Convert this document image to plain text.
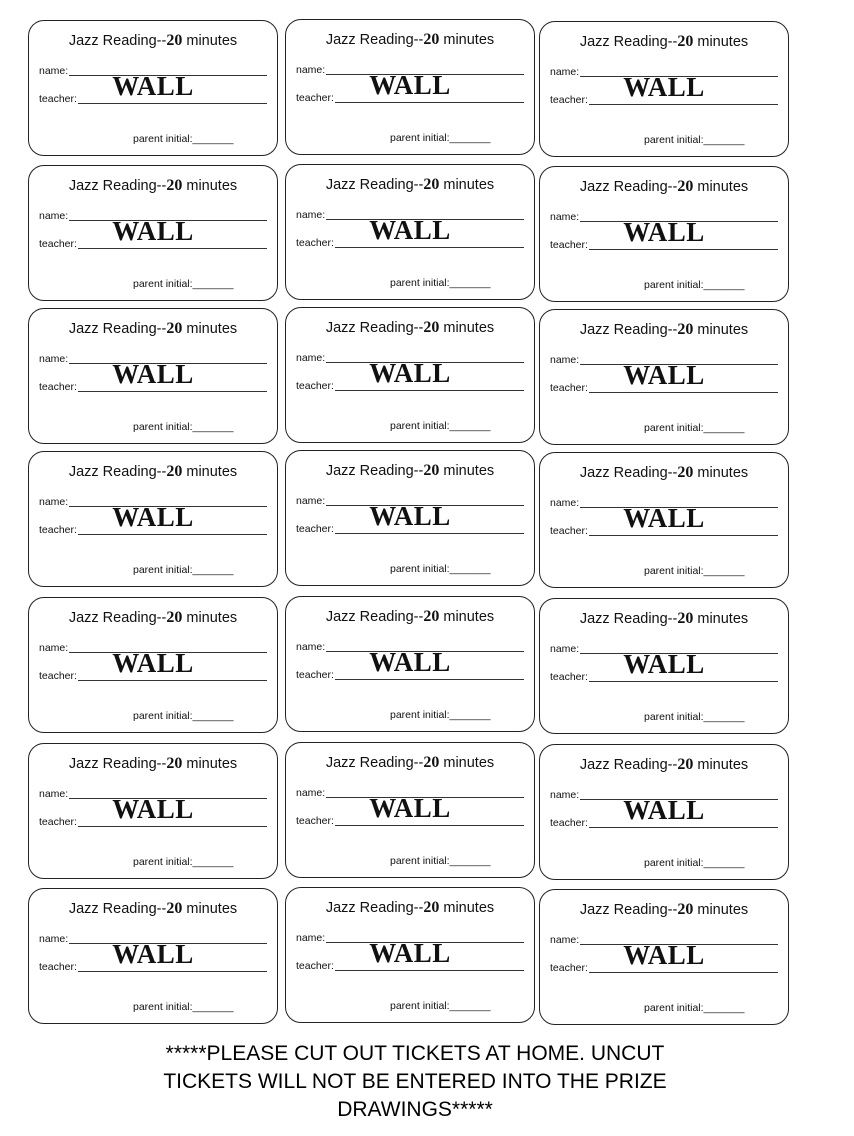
Jazz Reading--20 minutes
name:
teacher:	WALL
parent initial:_______
Jazz Reading--20 minutes
name:
teacher:	WALL
parent initial:_______
Jazz Reading--20 minutes
name:
teacher:	WALL
parent initial:_______
Jazz Reading--20 minutes
name:
teacher:	WALL
parent initial:_______
Jazz Reading--20 minutes
name:
teacher:	WALL
parent initial:_______
Jazz Reading--20 minutes
name:
teacher:	WALL
parent initial:_______
Jazz Reading--20 minutes
name:
teacher:	WALL
parent initial:_______
Jazz Reading--20 minutes
name:
teacher:	WALL
parent initial:_______
Jazz Reading--20 minutes
name:
teacher:	WALL
parent initial:_______
Jazz Reading--20 minutes
name:
teacher:	WALL
parent initial:_______
Jazz Reading--20 minutes
name:
teacher:	WALL
parent initial:_______
Jazz Reading--20 minutes
name:
teacher:	WALL
parent initial:_______
Jazz Reading--20 minutes
name:
teacher:	WALL
parent initial:_______
Jazz Reading--20 minutes
name:
teacher:	WALL
parent initial:_______
Jazz Reading--20 minutes
name:
teacher:	WALL
parent initial:_______
Jazz Reading--20 minutes
name:
teacher:	WALL
parent initial:_______
Jazz Reading--20 minutes
name:
teacher:	WALL
parent initial:_______
Jazz Reading--20 minutes
name:
teacher:	WALL
parent initial:_______
Jazz Reading--20 minutes
name:
teacher:	WALL
parent initial:_______
Jazz Reading--20 minutes
name:
teacher:	WALL
parent initial:_______
Jazz Reading--20 minutes
name:
teacher:	WALL
parent initial:_______
*****PLEASE CUT OUT TICKETS AT HOME. UNCUT
TICKETS WILL NOT BE ENTERED INTO THE PRIZE
DRAWINGS*****
